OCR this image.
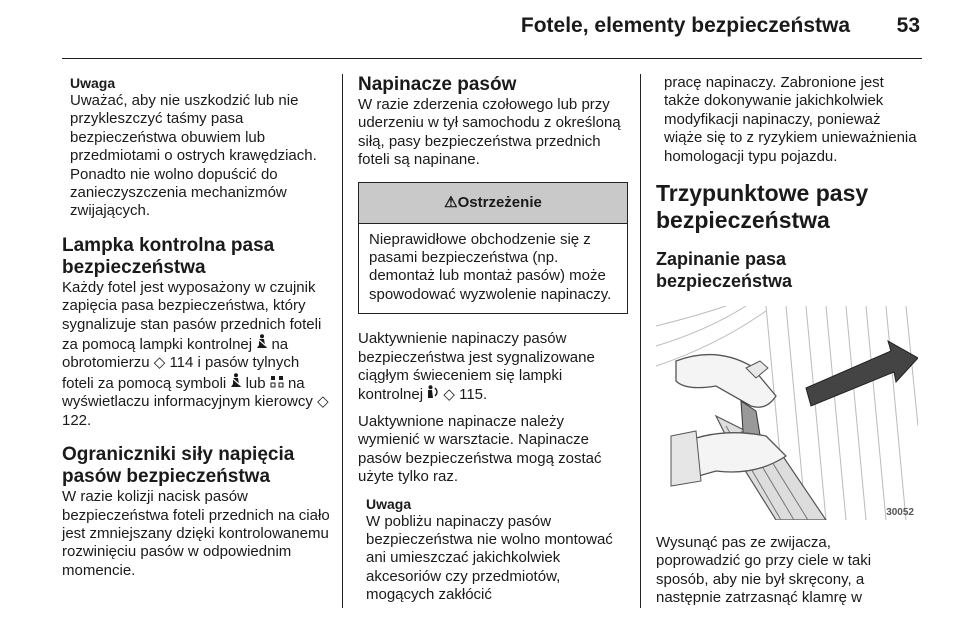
Fotele, elementy bezpieczeństwa 53
Uwaga

Uważać, aby nie uszkodzić lub nie przykleszczyć taśmy pasa bezpieczeństwa obuwiem lub przedmiotami o ostrych krawędziach. Ponadto nie wolno dopuścić do zanieczyszczenia mechanizmów zwijających.

Lampka kontrolna pasa bezpieczeństwa

Każdy fotel jest wyposażony w czujnik zapięcia pasa bezpieczeństwa, który sygnalizuje stan pasów przednich foteli za pomocą lampki kontrolnej na obrotomierzu ◇ 114 i pasów tylnych foteli za pomocą symboli lub na wyświetlaczu informacyjnym kierowcy ◇ 122.

Ograniczniki siły napięcia pasów bezpieczeństwa

W razie kolizji nacisk pasów bezpieczeństwa foteli przednich na ciało jest zmniejszany dzięki kontrolowanemu rozwinięciu pasów w odpowiednim momencie.

Napinacze pasów

W razie zderzenia czołowego lub przy uderzeniu w tył samochodu z określoną siłą, pasy bezpieczeństwa przednich foteli są napinane.

⚠Ostrzeżenie
Nieprawidłowe obchodzenie się z pasami bezpieczeństwa (np. demontaż lub montaż pasów) może spowodować wyzwolenie napinaczy.

Uaktywnienie napinaczy pasów bezpieczeństwa jest sygnalizowane ciągłym świeceniem się lampki kontrolnej ◇ 115.

Uaktywnione napinacze należy wymienić w warsztacie. Napinacze pasów bezpieczeństwa mogą zostać użyte tylko raz.

Uwaga

W pobliżu napinaczy pasów bezpieczeństwa nie wolno montować ani umieszczać jakichkolwiek akcesoriów czy przedmiotów, mogących zakłócić

pracę napinaczy. Zabronione jest także dokonywanie jakichkolwiek modyfikacji napinaczy, ponieważ wiąże się to z ryzykiem unieważnienia homologacji typu pojazdu.

Trzypunktowe pasy bezpieczeństwa

Zapinanie pasa bezpieczeństwa

30052

Wysunąć pas ze zwijacza, poprowadzić go przy ciele w taki sposób, aby nie był skręcony, a następnie zatrzasnąć klamrę w
